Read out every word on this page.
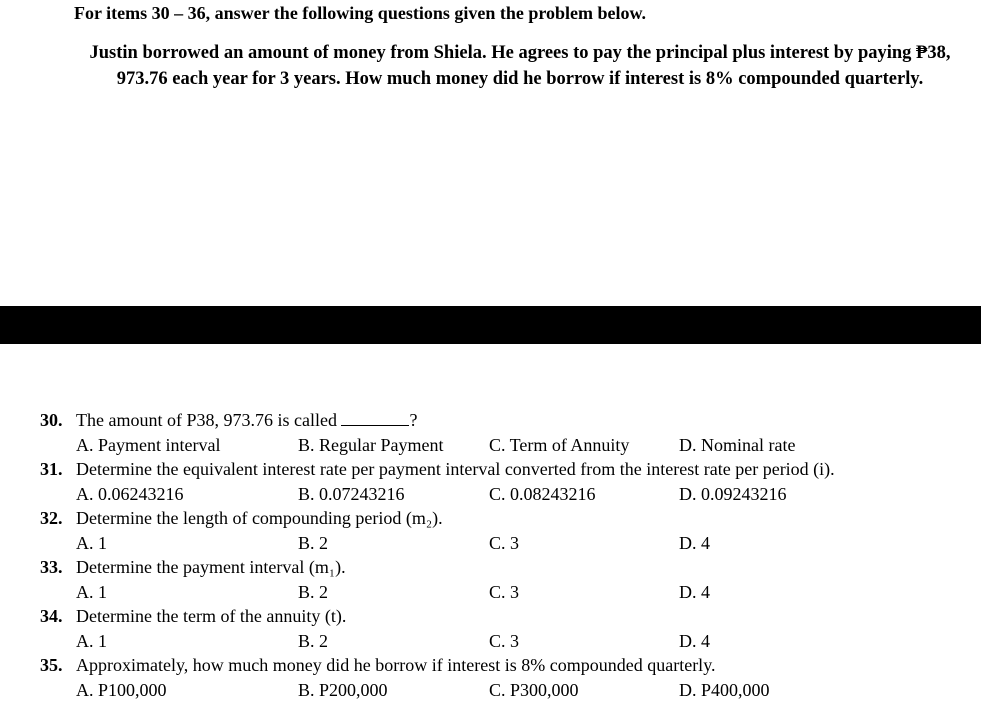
For items 30 – 36, answer the following questions given the problem below.
Justin borrowed an amount of money from Shiela. He agrees to pay the principal plus interest by paying ₱38, 973.76 each year for 3 years. How much money did he borrow if interest is 8% compounded quarterly.
30. The amount of P38, 973.76 is called	?
A. Payment interval	B. Regular Payment	C. Term of Annuity	D. Nominal rate
31. Determine the equivalent interest rate per payment interval converted from the interest rate per period (i).
A. 0.06243216	B. 0.07243216	C. 0.08243216	D. 0.09243216
32. Determine the length of compounding period (m₂).
A. 1	B. 2	C. 3	D. 4
33. Determine the payment interval (m₁).
A. 1	B. 2	C. 3	D. 4
34. Determine the term of the annuity (t).
A. 1	B. 2	C. 3	D. 4
35. Approximately, how much money did he borrow if interest is 8% compounded quarterly.
A. P100,000	B. P200,000	C. P300,000	D. P400,000
